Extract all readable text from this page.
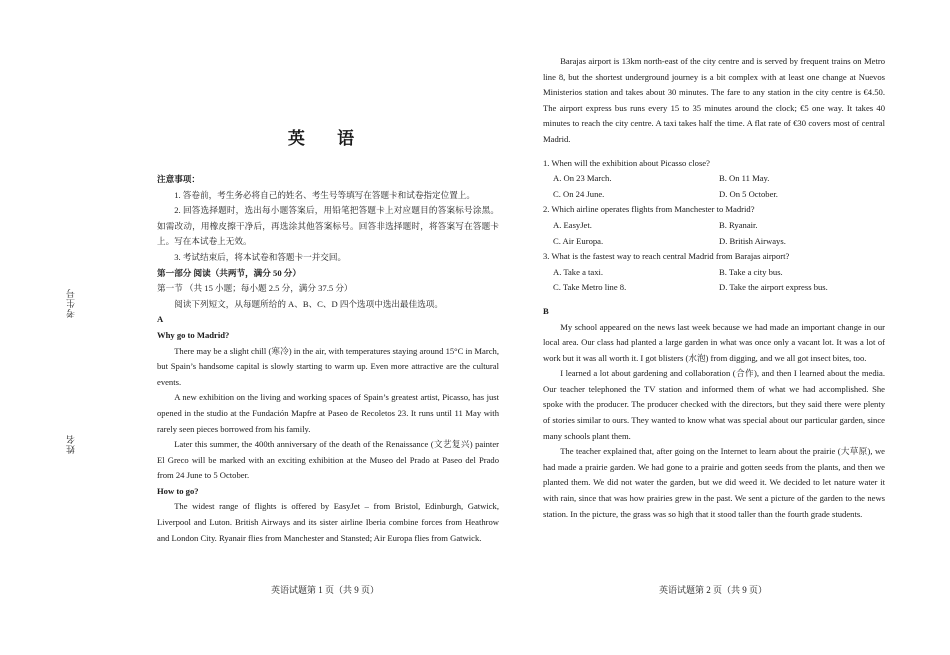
考生号
姓名
英 语

注意事项：

1. 答卷前，考生务必将自己的姓名、考生号等填写在答题卡和试卷指定位置上。

2. 回答选择题时，选出每小题答案后，用铅笔把答题卡上对应题目的答案标号涂黑。如需改动，用橡皮擦干净后，再选涂其他答案标号。回答非选择题时，将答案写在答题卡上。写在本试卷上无效。

3. 考试结束后，将本试卷和答题卡一并交回。

第一部分 阅读（共两节，满分 50 分）

第一节 （共 15 小题；每小题 2.5 分，满分 37.5 分）

阅读下列短文，从每题所给的 A、B、C、D 四个选项中选出最佳选项。

A

Why go to Madrid?

There may be a slight chill (寒冷) in the air, with temperatures staying around 15°C in March, but Spain’s handsome capital is slowly starting to warm up. Even more attractive are the cultural events.

A new exhibition on the living and working spaces of Spain’s greatest artist, Picasso, has just opened in the studio at the Fundación Mapfre at Paseo de Recoletos 23. It runs until 11 May with rarely seen pieces borrowed from his family.

Later this summer, the 400th anniversary of the death of the Renaissance (文艺复兴) painter El Greco will be marked with an exciting exhibition at the Museo del Prado at Paseo del Prado from 24 June to 5 October.

How to go?

The widest range of flights is offered by EasyJet – from Bristol, Edinburgh, Gatwick, Liverpool and Luton. British Airways and its sister airline Iberia combine forces from Heathrow and London City. Ryanair flies from Manchester and Stansted; Air Europa flies from Gatwick.

Barajas airport is 13km north-east of the city centre and is served by frequent trains on Metro line 8, but the shortest underground journey is a bit complex with at least one change at Nuevos Ministerios station and takes about 30 minutes. The fare to any station in the city centre is €4.50. The airport express bus runs every 15 to 35 minutes around the clock; €5 one way. It takes 40 minutes to reach the city centre. A taxi takes half the time. A flat rate of €30 covers most of central Madrid.

1. When will the exhibition about Picasso close?

A. On 23 March.	B. On 11 May.
C. On 24 June.	D. On 5 October.

2. Which airline operates flights from Manchester to Madrid?

A. EasyJet.	B. Ryanair.
C. Air Europa.	D. British Airways.

3. What is the fastest way to reach central Madrid from Barajas airport?

A. Take a taxi.	B. Take a city bus.
C. Take Metro line 8.	D. Take the airport express bus.

B

My school appeared on the news last week because we had made an important change in our local area. Our class had planted a large garden in what was once only a vacant lot. It was a lot of work but it was all worth it. I got blisters (水泡) from digging, and we all got insect bites, too.

I learned a lot about gardening and collaboration (合作), and then I learned about the media. Our teacher telephoned the TV station and informed them of what we had accomplished. She spoke with the producer. The producer checked with the directors, but they said there were plenty of stories similar to ours. They wanted to know what was special about our particular garden, since many schools plant them.

The teacher explained that, after going on the Internet to learn about the prairie (大草原), we had made a prairie garden. We had gone to a prairie and gotten seeds from the plants, and then we planted them. We did not water the garden, but we did weed it. We decided to let nature water it with rain, since that was how prairies grew in the past. We sent a picture of the garden to the news station. In the picture, the grass was so high that it stood taller than the fourth grade students.

英语试题第 1 页（共 9 页）	英语试题第 2 页（共 9 页）
